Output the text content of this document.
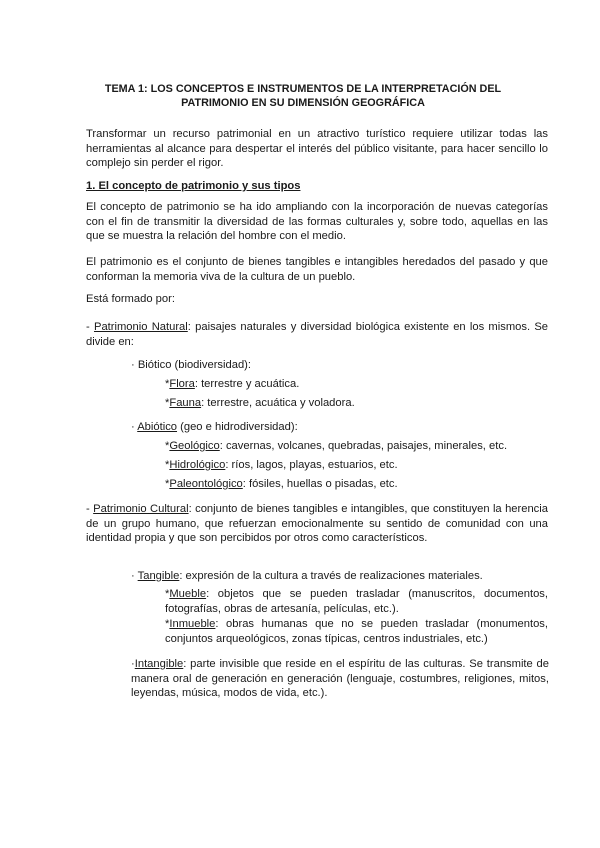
TEMA 1: LOS CONCEPTOS E INSTRUMENTOS DE LA INTERPRETACIÓN DEL
PATRIMONIO EN SU DIMENSIÓN GEOGRÁFICA
Transformar un recurso patrimonial en un atractivo turístico requiere utilizar todas las herramientas al alcance para despertar el interés del público visitante, para hacer sencillo lo complejo sin perder el rigor.
1. El concepto de patrimonio y sus tipos
El concepto de patrimonio se ha ido ampliando con la incorporación de nuevas categorías con el fin de transmitir la diversidad de las formas culturales y, sobre todo, aquellas en las que se muestra la relación del hombre con el medio.
El patrimonio es el conjunto de bienes tangibles e intangibles heredados del pasado y que conforman la memoria viva de la cultura de un pueblo.
Está formado por:
- Patrimonio Natural: paisajes naturales y diversidad biológica existente en los mismos. Se divide en:
· Biótico (biodiversidad):
*Flora: terrestre y acuática.
*Fauna: terrestre, acuática y voladora.
· Abiótico (geo e hidrodiversidad):
*Geológico: cavernas, volcanes, quebradas, paisajes, minerales, etc.
*Hidrológico: ríos, lagos, playas, estuarios, etc.
*Paleontológico: fósiles, huellas o pisadas, etc.
- Patrimonio Cultural: conjunto de bienes tangibles e intangibles, que constituyen la herencia de un grupo humano, que refuerzan emocionalmente su sentido de comunidad con una identidad propia y que son percibidos por otros como característicos.
· Tangible: expresión de la cultura a través de realizaciones materiales.
*Mueble: objetos que se pueden trasladar (manuscritos, documentos, fotografías, obras de artesanía, películas, etc.).
*Inmueble: obras humanas que no se pueden trasladar (monumentos, conjuntos arqueológicos, zonas típicas, centros industriales, etc.)
·Intangible: parte invisible que reside en el espíritu de las culturas. Se transmite de manera oral de generación en generación (lenguaje, costumbres, religiones, mitos, leyendas, música, modos de vida, etc.).
